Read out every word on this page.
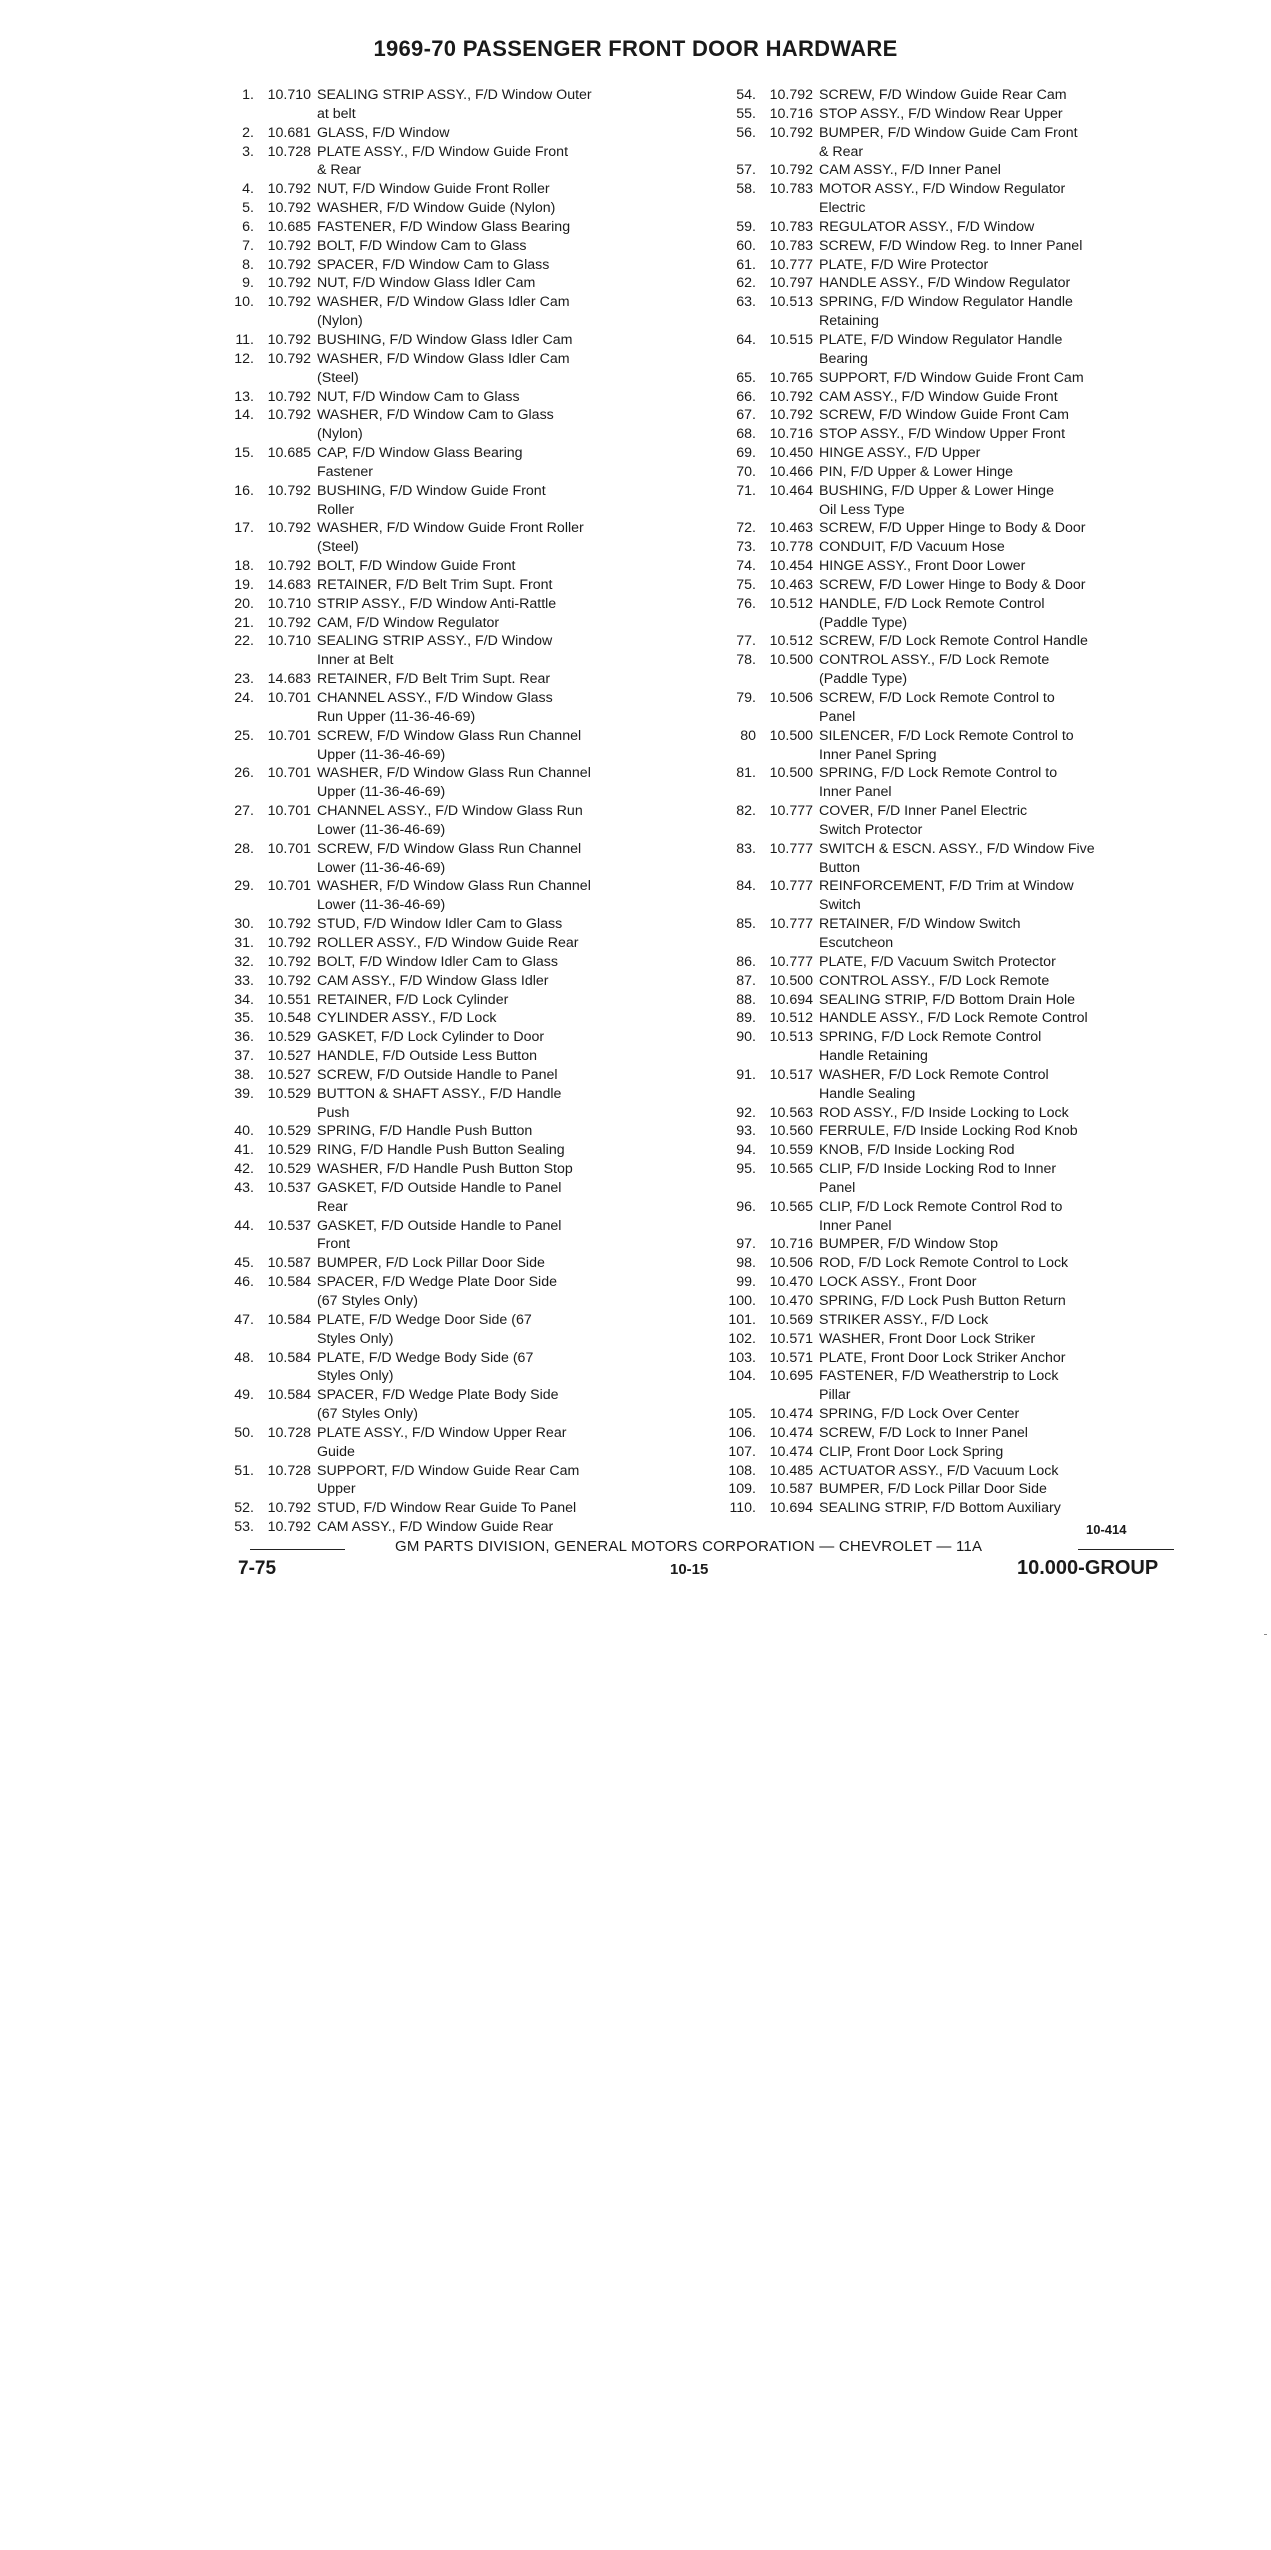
1969-70 PASSENGER FRONT DOOR HARDWARE
1. 10.710 SEALING STRIP ASSY., F/D Window Outer
at belt
2. 10.681 GLASS, F/D Window
3. 10.728 PLATE ASSY., F/D Window Guide Front
& Rear
4. 10.792 NUT, F/D Window Guide Front Roller
5. 10.792 WASHER, F/D Window Guide (Nylon)
6. 10.685 FASTENER, F/D Window Glass Bearing
7. 10.792 BOLT, F/D Window Cam to Glass
8. 10.792 SPACER, F/D Window Cam to Glass
9. 10.792 NUT, F/D Window Glass Idler Cam
10. 10.792 WASHER, F/D Window Glass Idler Cam
(Nylon)
11. 10.792 BUSHING, F/D Window Glass Idler Cam
12. 10.792 WASHER, F/D Window Glass Idler Cam
(Steel)
13. 10.792 NUT, F/D Window Cam to Glass
14. 10.792 WASHER, F/D Window Cam to Glass
(Nylon)
15. 10.685 CAP, F/D Window Glass Bearing
Fastener
16. 10.792 BUSHING, F/D Window Guide Front
Roller
17. 10.792 WASHER, F/D Window Guide Front Roller
(Steel)
18. 10.792 BOLT, F/D Window Guide Front
19. 14.683 RETAINER, F/D Belt Trim Supt. Front
20. 10.710 STRIP ASSY., F/D Window Anti-Rattle
21. 10.792 CAM, F/D Window Regulator
22. 10.710 SEALING STRIP ASSY., F/D Window
Inner at Belt
23. 14.683 RETAINER, F/D Belt Trim Supt. Rear
24. 10.701 CHANNEL ASSY., F/D Window Glass
Run Upper (11-36-46-69)
25. 10.701 SCREW, F/D Window Glass Run Channel
Upper (11-36-46-69)
26. 10.701 WASHER, F/D Window Glass Run Channel
Upper (11-36-46-69)
27. 10.701 CHANNEL ASSY., F/D Window Glass Run
Lower (11-36-46-69)
28. 10.701 SCREW, F/D Window Glass Run Channel
Lower (11-36-46-69)
29. 10.701 WASHER, F/D Window Glass Run Channel
Lower (11-36-46-69)
30. 10.792 STUD, F/D Window Idler Cam to Glass
31. 10.792 ROLLER ASSY., F/D Window Guide Rear
32. 10.792 BOLT, F/D Window Idler Cam to Glass
33. 10.792 CAM ASSY., F/D Window Glass Idler
34. 10.551 RETAINER, F/D Lock Cylinder
35. 10.548 CYLINDER ASSY., F/D Lock
36. 10.529 GASKET, F/D Lock Cylinder to Door
37. 10.527 HANDLE, F/D Outside Less Button
38. 10.527 SCREW, F/D Outside Handle to Panel
39. 10.529 BUTTON & SHAFT ASSY., F/D Handle
Push
40. 10.529 SPRING, F/D Handle Push Button
41. 10.529 RING, F/D Handle Push Button Sealing
42. 10.529 WASHER, F/D Handle Push Button Stop
43. 10.537 GASKET, F/D Outside Handle to Panel
Rear
44. 10.537 GASKET, F/D Outside Handle to Panel
Front
45. 10.587 BUMPER, F/D Lock Pillar Door Side
46. 10.584 SPACER, F/D Wedge Plate Door Side
(67 Styles Only)
47. 10.584 PLATE, F/D Wedge Door Side (67
Styles Only)
48. 10.584 PLATE, F/D Wedge Body Side (67
Styles Only)
49. 10.584 SPACER, F/D Wedge Plate Body Side
(67 Styles Only)
50. 10.728 PLATE ASSY., F/D Window Upper Rear
Guide
51. 10.728 SUPPORT, F/D Window Guide Rear Cam
Upper
52. 10.792 STUD, F/D Window Rear Guide To Panel
53. 10.792 CAM ASSY., F/D Window Guide Rear
54. 10.792 SCREW, F/D Window Guide Rear Cam
55. 10.716 STOP ASSY., F/D Window Rear Upper
56. 10.792 BUMPER, F/D Window Guide Cam Front
& Rear
57. 10.792 CAM ASSY., F/D Inner Panel
58. 10.783 MOTOR ASSY., F/D Window Regulator
Electric
59. 10.783 REGULATOR ASSY., F/D Window
60. 10.783 SCREW, F/D Window Reg. to Inner Panel
61. 10.777 PLATE, F/D Wire Protector
62. 10.797 HANDLE ASSY., F/D Window Regulator
63. 10.513 SPRING, F/D Window Regulator Handle
Retaining
64. 10.515 PLATE, F/D Window Regulator Handle
Bearing
65. 10.765 SUPPORT, F/D Window Guide Front Cam
66. 10.792 CAM ASSY., F/D Window Guide Front
67. 10.792 SCREW, F/D Window Guide Front Cam
68. 10.716 STOP ASSY., F/D Window Upper Front
69. 10.450 HINGE ASSY., F/D Upper
70. 10.466 PIN, F/D Upper & Lower Hinge
71. 10.464 BUSHING, F/D Upper & Lower Hinge
Oil Less Type
72. 10.463 SCREW, F/D Upper Hinge to Body & Door
73. 10.778 CONDUIT, F/D Vacuum Hose
74. 10.454 HINGE ASSY., Front Door Lower
75. 10.463 SCREW, F/D Lower Hinge to Body & Door
76. 10.512 HANDLE, F/D Lock Remote Control
(Paddle Type)
77. 10.512 SCREW, F/D Lock Remote Control Handle
78. 10.500 CONTROL ASSY., F/D Lock Remote
(Paddle Type)
79. 10.506 SCREW, F/D Lock Remote Control to
Panel
80 10.500 SILENCER, F/D Lock Remote Control to
Inner Panel Spring
81. 10.500 SPRING, F/D Lock Remote Control to
Inner Panel
82. 10.777 COVER, F/D Inner Panel Electric
Switch Protector
83. 10.777 SWITCH & ESCN. ASSY., F/D Window Five
Button
84. 10.777 REINFORCEMENT, F/D Trim at Window
Switch
85. 10.777 RETAINER, F/D Window Switch
Escutcheon
86. 10.777 PLATE, F/D Vacuum Switch Protector
87. 10.500 CONTROL ASSY., F/D Lock Remote
88. 10.694 SEALING STRIP, F/D Bottom Drain Hole
89. 10.512 HANDLE ASSY., F/D Lock Remote Control
90. 10.513 SPRING, F/D Lock Remote Control
Handle Retaining
91. 10.517 WASHER, F/D Lock Remote Control
Handle Sealing
92. 10.563 ROD ASSY., F/D Inside Locking to Lock
93. 10.560 FERRULE, F/D Inside Locking Rod Knob
94. 10.559 KNOB, F/D Inside Locking Rod
95. 10.565 CLIP, F/D Inside Locking Rod to Inner
Panel
96. 10.565 CLIP, F/D Lock Remote Control Rod to
Inner Panel
97. 10.716 BUMPER, F/D Window Stop
98. 10.506 ROD, F/D Lock Remote Control to Lock
99. 10.470 LOCK ASSY., Front Door
100. 10.470 SPRING, F/D Lock Push Button Return
101. 10.569 STRIKER ASSY., F/D Lock
102. 10.571 WASHER, Front Door Lock Striker
103. 10.571 PLATE, Front Door Lock Striker Anchor
104. 10.695 FASTENER, F/D Weatherstrip to Lock
Pillar
105. 10.474 SPRING, F/D Lock Over Center
106. 10.474 SCREW, F/D Lock to Inner Panel
107. 10.474 CLIP, Front Door Lock Spring
108. 10.485 ACTUATOR ASSY., F/D Vacuum Lock
109. 10.587 BUMPER, F/D Lock Pillar Door Side
110. 10.694 SEALING STRIP, F/D Bottom Auxiliary
10-414
GM PARTS DIVISION, GENERAL MOTORS CORPORATION — CHEVROLET — 11A
7-75	10-15	10.000-GROUP
